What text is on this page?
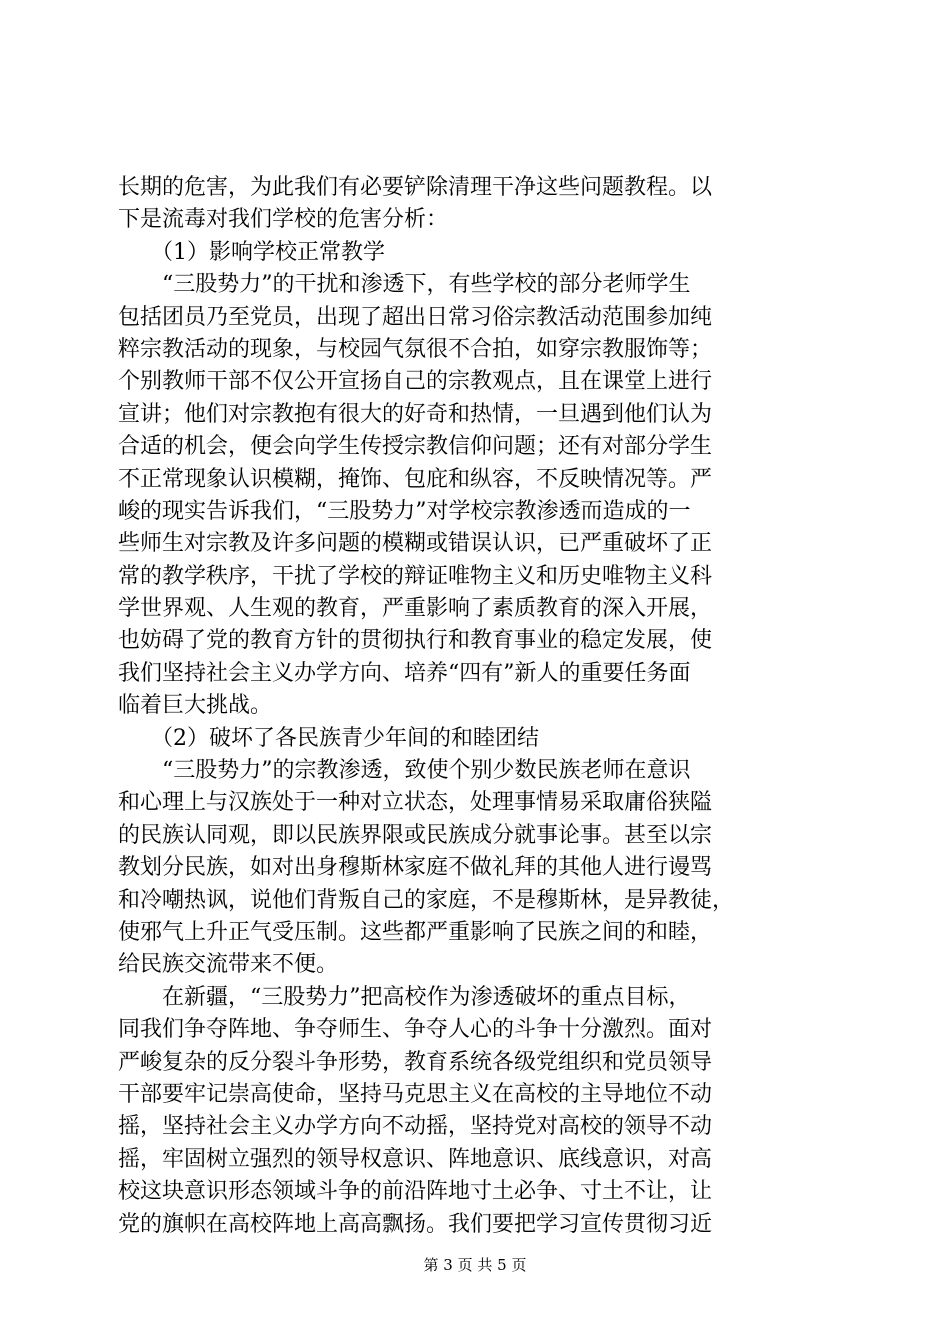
长期的危害，为此我们有必要铲除清理干净这些问题教程。以
下是流毒对我们学校的危害分析：
　　（1）影响学校正常教学
　　“三股势力”的干扰和渗透下，有些学校的部分老师学生
包括团员乃至党员，出现了超出日常习俗宗教活动范围参加纯
粹宗教活动的现象，与校园气氛很不合拍，如穿宗教服饰等；
个别教师干部不仅公开宣扬自己的宗教观点，且在课堂上进行
宣讲；他们对宗教抱有很大的好奇和热情，一旦遇到他们认为
合适的机会，便会向学生传授宗教信仰问题；还有对部分学生
不正常现象认识模糊，掩饰、包庇和纵容，不反映情况等。严
峻的现实告诉我们，“三股势力”对学校宗教渗透而造成的一
些师生对宗教及许多问题的模糊或错误认识，已严重破坏了正
常的教学秩序，干扰了学校的辩证唯物主义和历史唯物主义科
学世界观、人生观的教育，严重影响了素质教育的深入开展，
也妨碍了党的教育方针的贯彻执行和教育事业的稳定发展，使
我们坚持社会主义办学方向、培养“四有”新人的重要任务面
临着巨大挑战。
　　（2）破坏了各民族青少年间的和睦团结
　　“三股势力”的宗教渗透，致使个别少数民族老师在意识
和心理上与汉族处于一种对立状态，处理事情易采取庸俗狭隘
的民族认同观，即以民族界限或民族成分就事论事。甚至以宗
教划分民族，如对出身穆斯林家庭不做礼拜的其他人进行谩骂
和冷嘲热讽，说他们背叛自己的家庭，不是穆斯林，是异教徒，
使邪气上升正气受压制。这些都严重影响了民族之间的和睦，
给民族交流带来不便。
　　在新疆，“三股势力”把高校作为渗透破坏的重点目标，
同我们争夺阵地、争夺师生、争夺人心的斗争十分激烈。面对
严峻复杂的反分裂斗争形势，教育系统各级党组织和党员领导
干部要牢记崇高使命，坚持马克思主义在高校的主导地位不动
摇，坚持社会主义办学方向不动摇，坚持党对高校的领导不动
摇，牢固树立强烈的领导权意识、阵地意识、底线意识，对高
校这块意识形态领域斗争的前沿阵地寸土必争、寸土不让，让
党的旗帜在高校阵地上高高飘扬。我们要把学习宣传贯彻习近
第 3 页 共 5 页
